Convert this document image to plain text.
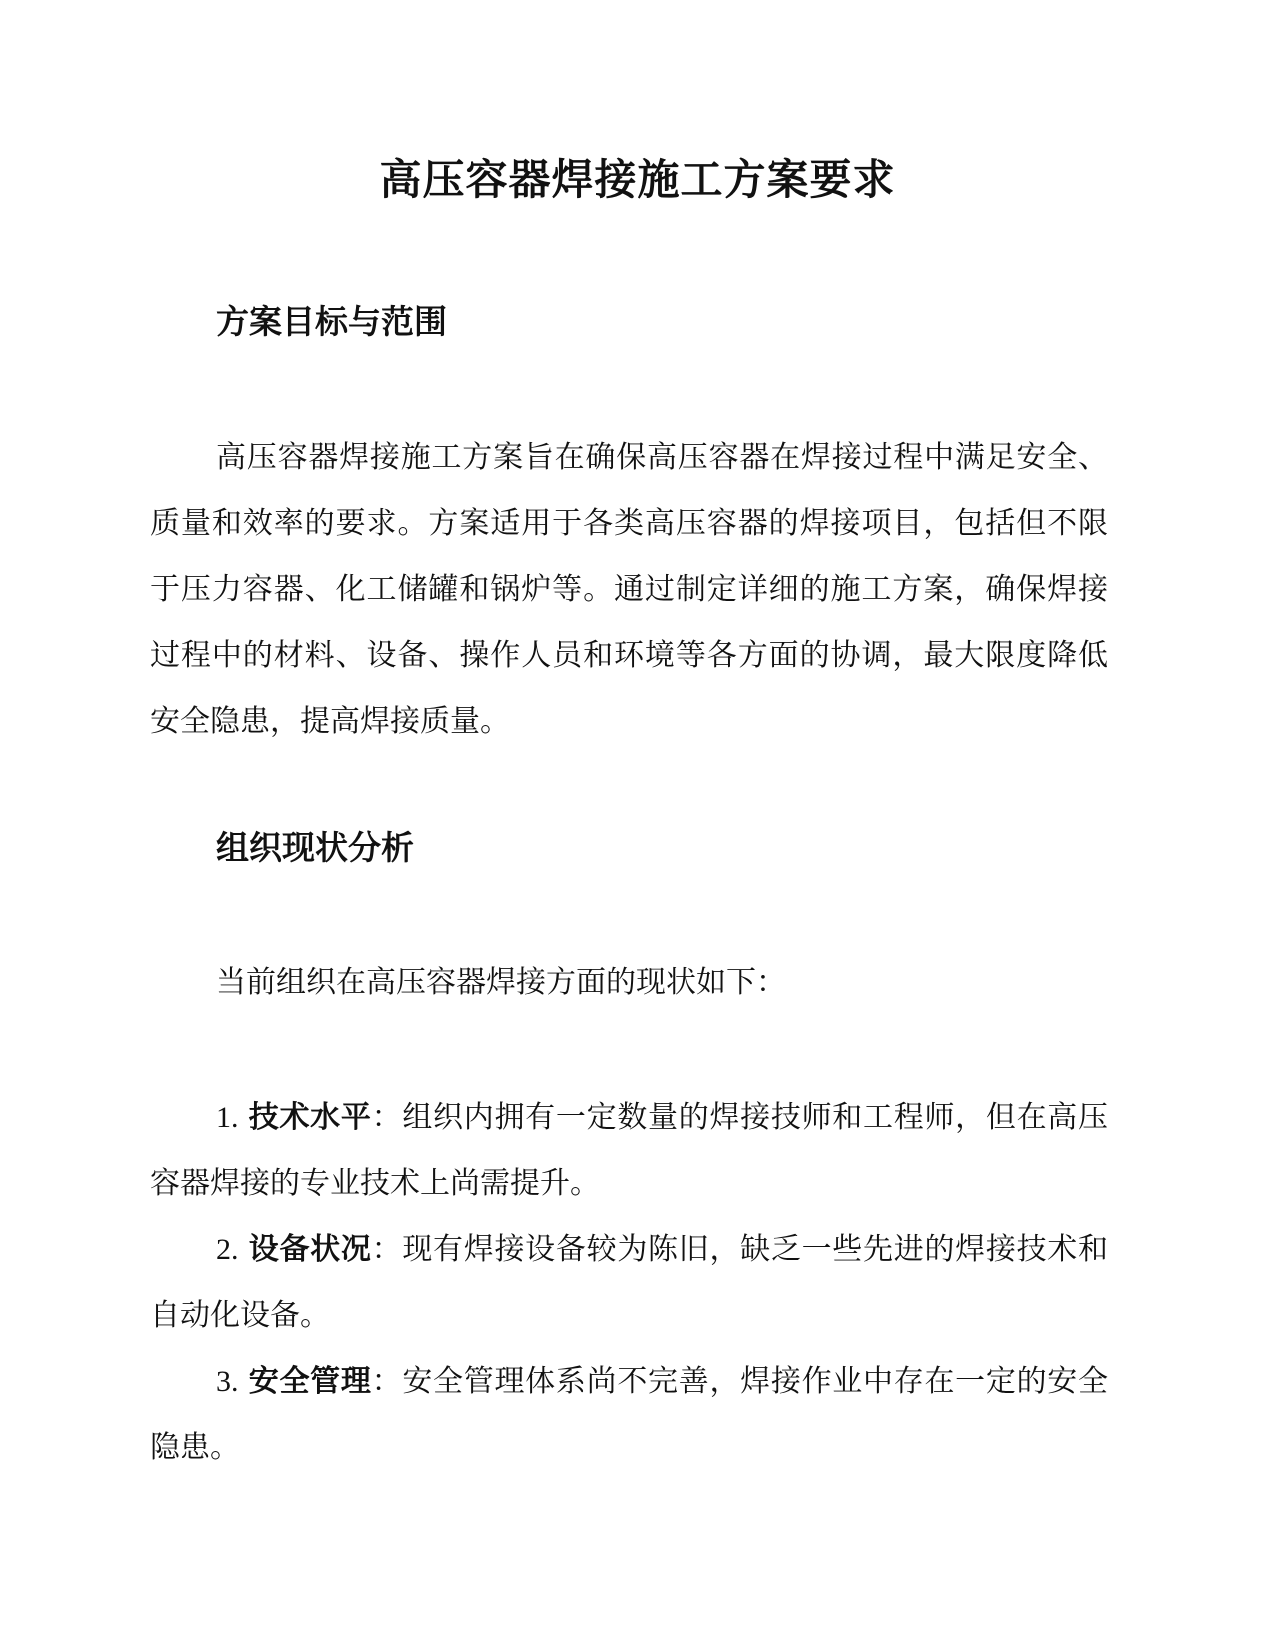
高压容器焊接施工方案要求
方案目标与范围

高压容器焊接施工方案旨在确保高压容器在焊接过程中满足安全、质量和效率的要求。方案适用于各类高压容器的焊接项目，包括但不限于压力容器、化工储罐和锅炉等。通过制定详细的施工方案，确保焊接过程中的材料、设备、操作人员和环境等各方面的协调，最大限度降低安全隐患，提高焊接质量。

组织现状分析

当前组织在高压容器焊接方面的现状如下：

1. 技术水平：组织内拥有一定数量的焊接技师和工程师，但在高压容器焊接的专业技术上尚需提升。

2. 设备状况：现有焊接设备较为陈旧，缺乏一些先进的焊接技术和自动化设备。

3. 安全管理：安全管理体系尚不完善，焊接作业中存在一定的安全隐患。
